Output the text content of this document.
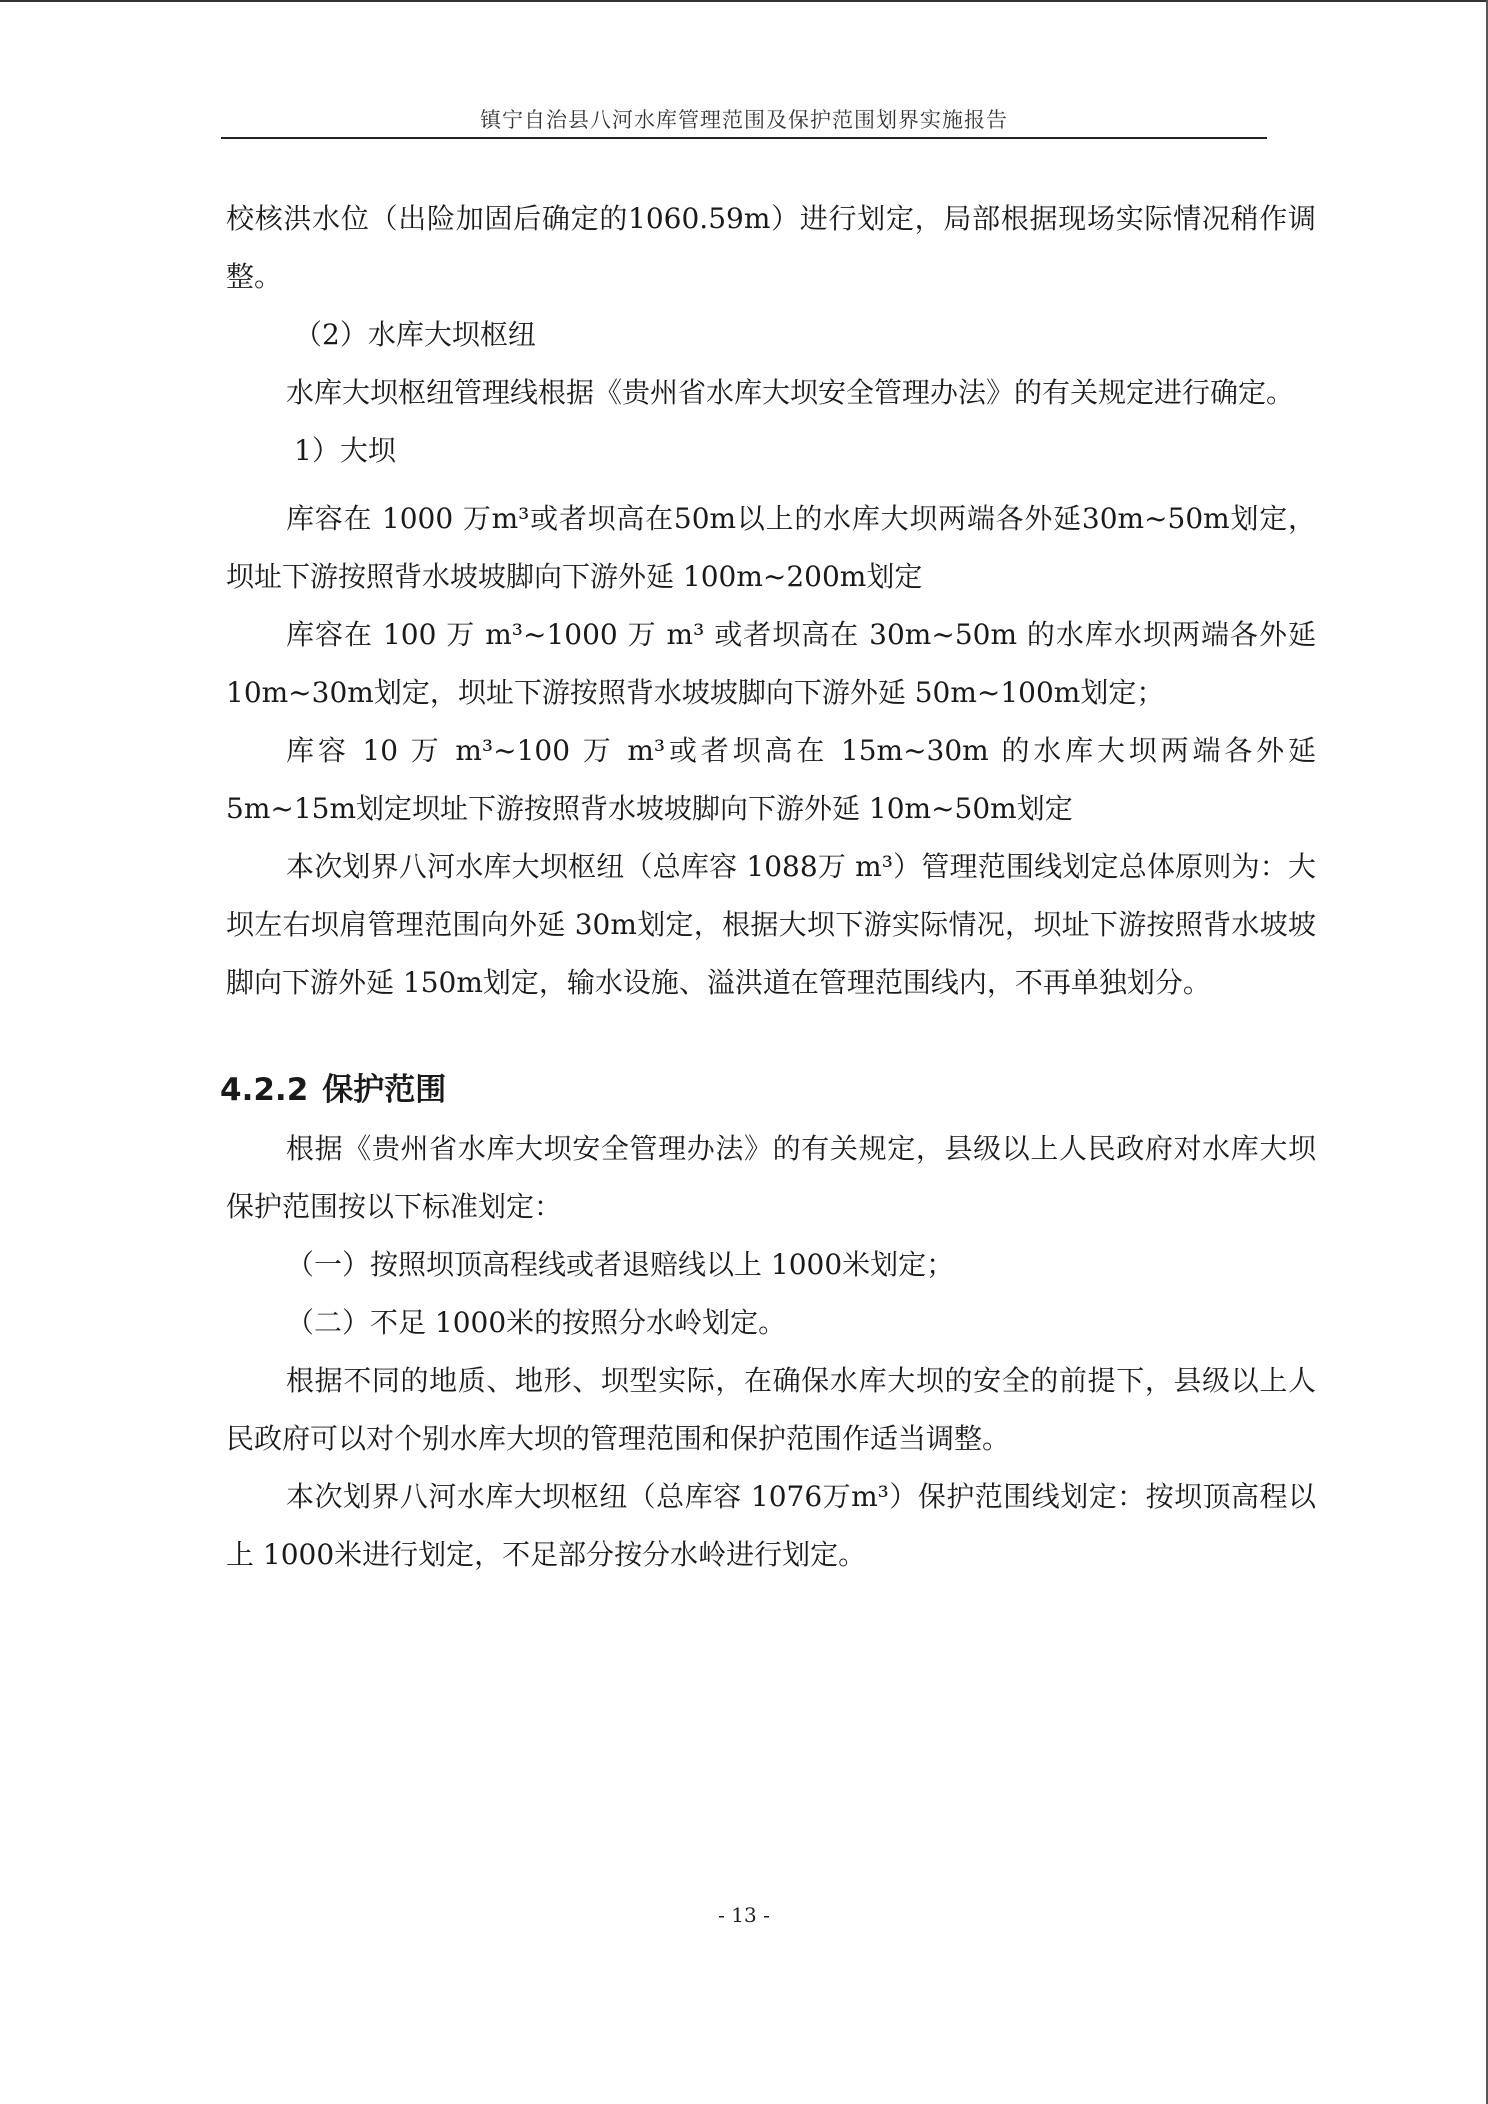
镇宁自治县八河水库管理范围及保护范围划界实施报告

校核洪水位（出险加固后确定的1060.59m）进行划定，局部根据现场实际情况稍作调整。

（2）水库大坝枢纽

水库大坝枢纽管理线根据《贵州省水库大坝安全管理办法》的有关规定进行确定。

1）大坝

库容在 1000 万m³或者坝高在50m以上的水库大坝两端各外延30m~50m划定，坝址下游按照背水坡坡脚向下游外延 100m~200m划定

库容在 100 万 m³~1000 万 m³ 或者坝高在 30m~50m 的水库水坝两端各外延10m~30m划定，坝址下游按照背水坡坡脚向下游外延 50m~100m划定；

库容 10 万 m³~100 万 m³或者坝高在 15m~30m 的水库大坝两端各外延 5m~15m划定坝址下游按照背水坡坡脚向下游外延 10m~50m划定

本次划界八河水库大坝枢纽（总库容 1088万 m³）管理范围线划定总体原则为：大坝左右坝肩管理范围向外延 30m划定，根据大坝下游实际情况，坝址下游按照背水坡坡脚向下游外延 150m划定，输水设施、溢洪道在管理范围线内，不再单独划分。

4.2.2 保护范围

根据《贵州省水库大坝安全管理办法》的有关规定，县级以上人民政府对水库大坝保护范围按以下标准划定：

（一）按照坝顶高程线或者退赔线以上 1000米划定；

（二）不足 1000米的按照分水岭划定。

根据不同的地质、地形、坝型实际，在确保水库大坝的安全的前提下，县级以上人民政府可以对个别水库大坝的管理范围和保护范围作适当调整。

本次划界八河水库大坝枢纽（总库容 1076万m³）保护范围线划定：按坝顶高程以上 1000米进行划定，不足部分按分水岭进行划定。

- 13 -
